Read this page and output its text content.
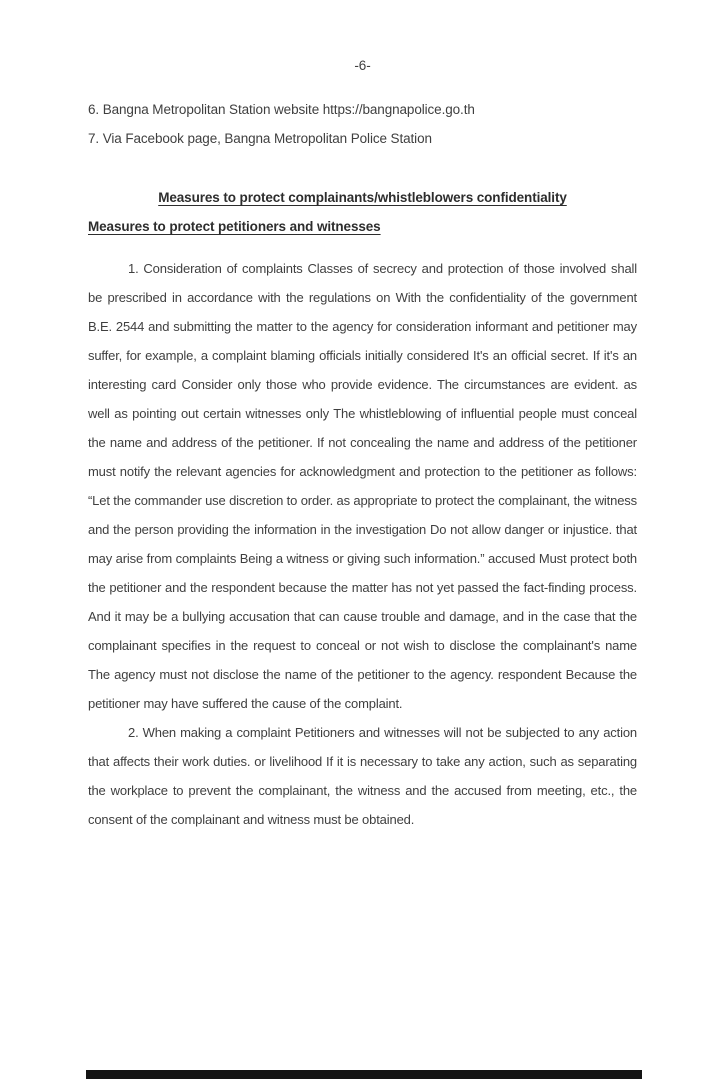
-6-
6. Bangna Metropolitan Station website https://bangnapolice.go.th
7. Via Facebook page, Bangna Metropolitan Police Station
Measures to protect complainants/whistleblowers confidentiality
Measures to protect petitioners and witnesses

1. Consideration of complaints Classes of secrecy and protection of those involved shall be prescribed in accordance with the regulations on With the confidentiality of the government B.E. 2544 and submitting the matter to the agency for consideration informant and petitioner may suffer, for example, a complaint blaming officials initially considered It's an official secret. If it's an interesting card Consider only those who provide evidence. The circumstances are evident. as well as pointing out certain witnesses only The whistleblowing of influential people must conceal the name and address of the petitioner. If not concealing the name and address of the petitioner must notify the relevant agencies for acknowledgment and protection to the petitioner as follows: “Let the commander use discretion to order. as appropriate to protect the complainant, the witness and the person providing the information in the investigation Do not allow danger or injustice. that may arise from complaints Being a witness or giving such information.” accused Must protect both the petitioner and the respondent because the matter has not yet passed the fact-finding process. And it may be a bullying accusation that can cause trouble and damage, and in the case that the complainant specifies in the request to conceal or not wish to disclose the complainant's name The agency must not disclose the name of the petitioner to the agency. respondent Because the petitioner may have suffered the cause of the complaint.

2. When making a complaint Petitioners and witnesses will not be subjected to any action that affects their work duties. or livelihood If it is necessary to take any action, such as separating the workplace to prevent the complainant, the witness and the accused from meeting, etc., the consent of the complainant and witness must be obtained.
